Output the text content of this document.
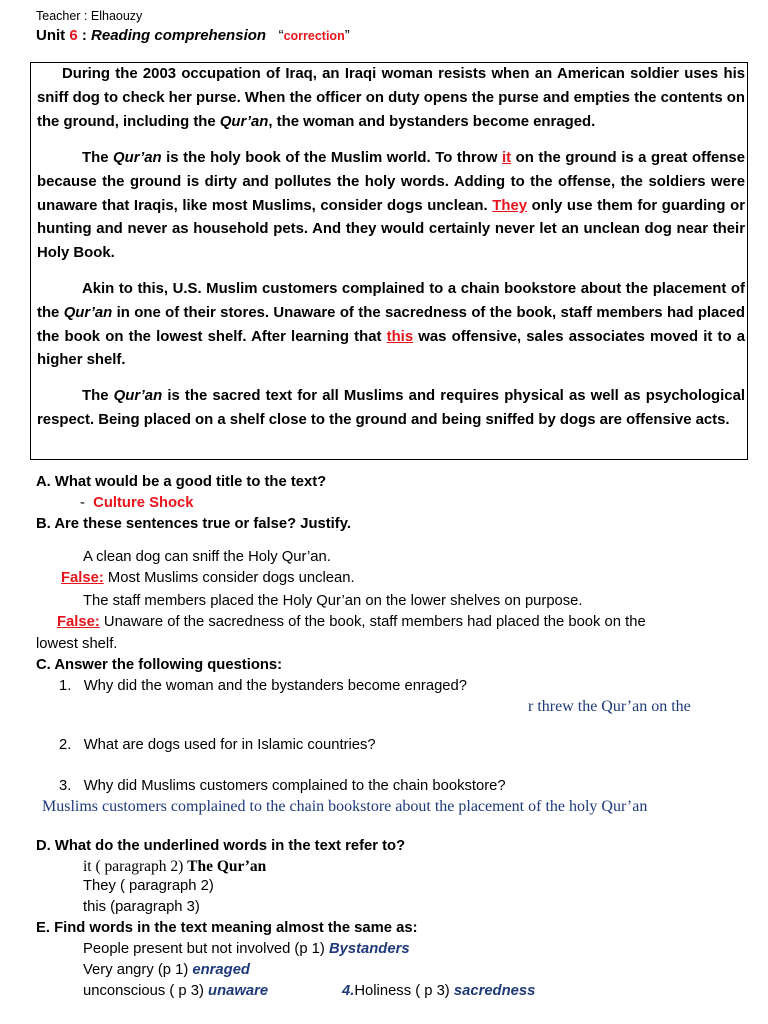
Teacher : Elhaouzy
Unit 6 : Reading comprehension   “correction”

During the 2003 occupation of Iraq, an Iraqi woman resists when an American soldier uses his sniff dog to check her purse. When the officer on duty opens the purse and empties the contents on the ground, including the Qur’an, the woman and bystanders become enraged.

The Qur’an is the holy book of the Muslim world. To throw it on the ground is a great offense because the ground is dirty and pollutes the holy words. Adding to the offense, the soldiers were unaware that Iraqis, like most Muslims, consider dogs unclean. They only use them for guarding or hunting and never as household pets. And they would certainly never let an unclean dog near their Holy Book.

Akin to this, U.S. Muslim customers complained to a chain bookstore about the placement of the Qur’an in one of their stores. Unaware of the sacredness of the book, staff members had placed the book on the lowest shelf. After learning that this was offensive, sales associates moved it to a higher shelf.

The Qur’an is the sacred text for all Muslims and requires physical as well as psychological respect. Being placed on a shelf close to the ground and being sniffed by dogs are offensive acts.

A. What would be a good title to the text?
- Culture Shock
B. Are these sentences true or false? Justify.
A clean dog can sniff the Holy Qur’an.
False: Most Muslims consider dogs unclean.
The staff members placed the Holy Qur’an on the lower shelves on purpose.
False: Unaware of the sacredness of the book, staff members had placed the book on the
lowest shelf.
C. Answer the following questions:
1. Why did the woman and the bystanders become enraged?
r threw the Qur’an on the
2. What are dogs used for in Islamic countries?
3. Why did Muslims customers complained to the chain bookstore?
Muslims customers complained to the chain bookstore about the placement of the holy Qur’an
D. What do the underlined words in the text refer to?
it ( paragraph 2) The Qur’an
They ( paragraph 2)
this (paragraph 3)
E. Find words in the text meaning almost the same as:
People present but not involved (p 1) Bystanders
Very angry (p 1) enraged
unconscious ( p 3) unaware	4.Holiness ( p 3) sacredness
